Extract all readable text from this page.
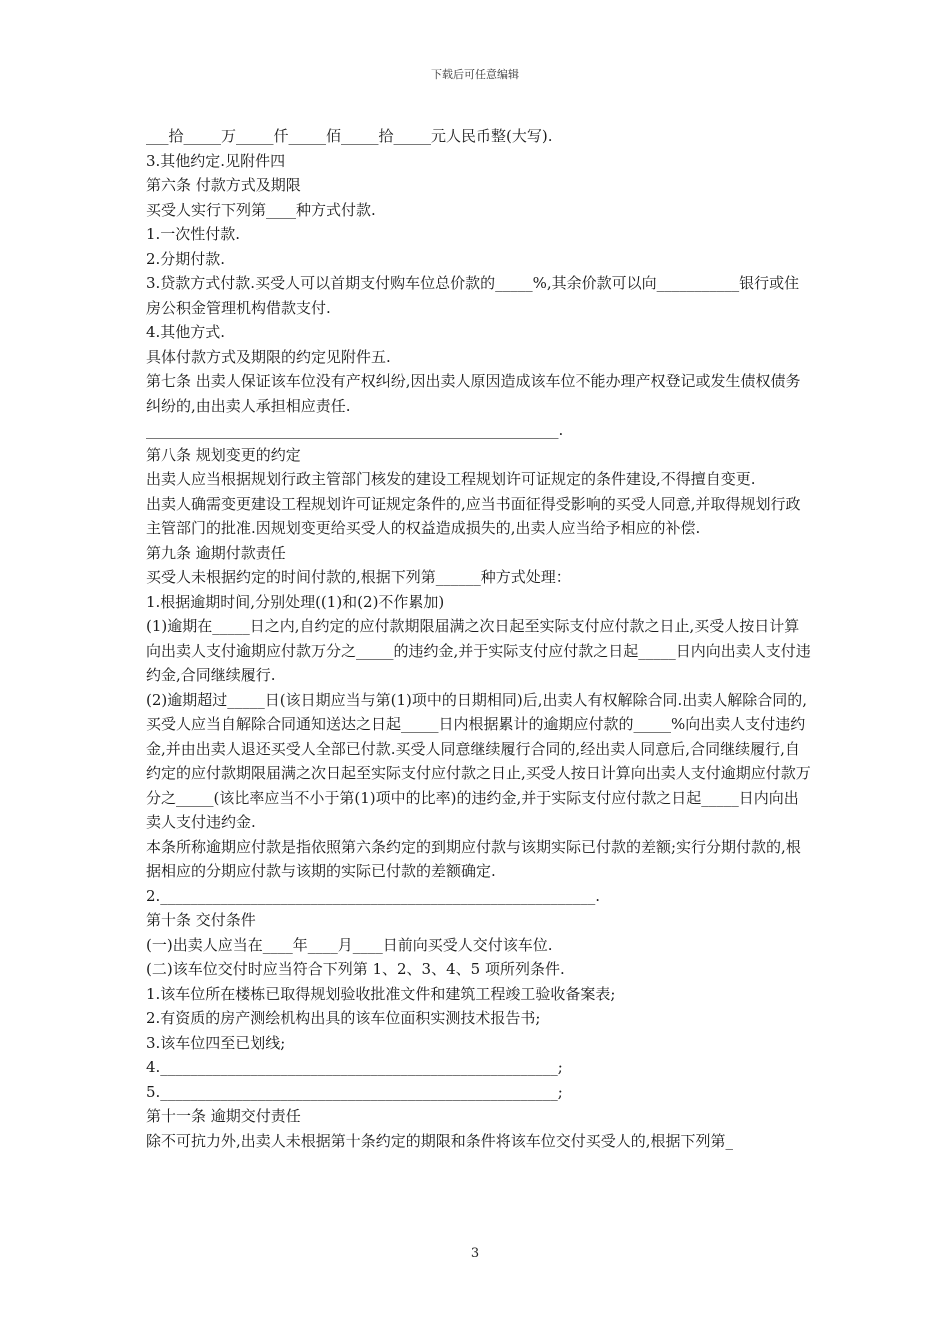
下载后可任意编辑

___拾_____万_____仟_____佰_____拾_____元人民币整(大写).

3.其他约定.见附件四

第六条 付款方式及期限

买受人实行下列第____种方式付款.

1.一次性付款.

2.分期付款.

3.贷款方式付款.买受人可以首期支付购车位总价款的_____%,其余价款可以向___________银行或住房公积金管理机构借款支付.

4.其他方式.

具体付款方式及期限的约定见附件五.

第七条 出卖人保证该车位没有产权纠纷,因出卖人原因造成该车位不能办理产权登记或发生债权债务纠纷的,由出卖人承担相应责任.

_______________________________________________________.

第八条 规划变更的约定

出卖人应当根据规划行政主管部门核发的建设工程规划许可证规定的条件建设,不得擅自变更.

出卖人确需变更建设工程规划许可证规定条件的,应当书面征得受影响的买受人同意,并取得规划行政主管部门的批准.因规划变更给买受人的权益造成损失的,出卖人应当给予相应的补偿.

第九条 逾期付款责任

买受人未根据约定的时间付款的,根据下列第______种方式处理：

1.根据逾期时间,分别处理((1)和(2)不作累加)

(1)逾期在_____日之内,自约定的应付款期限届满之次日起至实际支付应付款之日止,买受人按日计算向出卖人支付逾期应付款万分之_____的违约金,并于实际支付应付款之日起_____日内向出卖人支付违约金,合同继续履行.

(2)逾期超过_____日(该日期应当与第(1)项中的日期相同)后,出卖人有权解除合同.出卖人解除合同的,买受人应当自解除合同通知送达之日起_____日内根据累计的逾期应付款的_____%向出卖人支付违约金,并由出卖人退还买受人全部已付款.买受人同意继续履行合同的,经出卖人同意后,合同继续履行,自约定的应付款期限届满之次日起至实际支付应付款之日止,买受人按日计算向出卖人支付逾期应付款万分之_____(该比率应当不小于第(1)项中的比率)的违约金,并于实际支付应付款之日起_____日内向出卖人支付违约金.

本条所称逾期应付款是指依照第六条约定的到期应付款与该期实际已付款的差额;实行分期付款的,根据相应的分期应付款与该期的实际已付款的差额确定.

2.__________________________________________________________.

第十条 交付条件

(一)出卖人应当在____年____月____日前向买受人交付该车位.

(二)该车位交付时应当符合下列第 1、2、3、4、5 项所列条件.

1.该车位所在楼栋已取得规划验收批准文件和建筑工程竣工验收备案表;

2.有资质的房产测绘机构出具的该车位面积实测技术报告书;

3.该车位四至已划线;

4._____________________________________________________;

5._____________________________________________________;

第十一条 逾期交付责任

除不可抗力外,出卖人未根据第十条约定的期限和条件将该车位交付买受人的,根据下列第_

3
